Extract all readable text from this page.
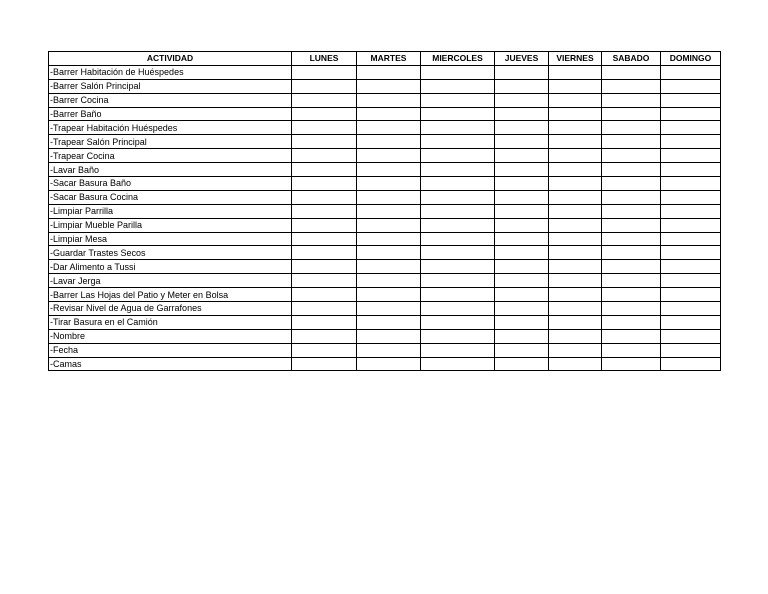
ACTIVIDAD	LUNES	MARTES	MIERCOLES	JUEVES	VIERNES	SABADO	DOMINGO
-Barrer Habitación de Huéspedes							
-Barrer Salón Principal							
-Barrer Cocina							
-Barrer Baño							
-Trapear Habitación Huéspedes							
-Trapear Salón Principal							
-Trapear Cocina							
-Lavar Baño							
-Sacar Basura Baño							
-Sacar Basura Cocina							
-Limpiar Parrilla							
-Limpiar Mueble Parilla							
-Limpiar Mesa							
-Guardar Trastes Secos							
-Dar Alimento a Tussi							
-Lavar Jerga							
-Barrer Las Hojas del Patio y Meter en Bolsa							
-Revisar Nivel de Agua de Garrafones							
-Tirar Basura en el Camión							
-Nombre							
-Fecha							
-Camas							
